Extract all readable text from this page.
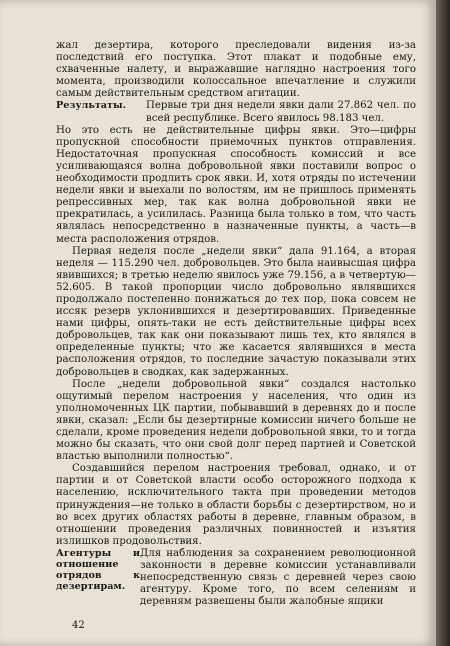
жал дезертира, которого преследовали видения из-за последствий его поступка. Этот плакат и подобные ему, схваченные налету, и выражавшие наглядно настроения того момента, производили колоссальное впечатление и служили самым действительным средством агитации.

Результаты.	Первые три дня недели явки дали 27.862 чел. по всей республике. Всего явилось 98.183 чел.

Но это есть не действительные цифры явки. Это—цифры пропускной способности приемочных пунктов отправления. Недостаточная пропускная способность комиссий и все усиливающаяся волна добровольной явки поставили вопрос о необходимости продлить срок явки. И, хотя отряды по истечении недели явки и выехали по волостям, им не пришлось применять репрессивных мер, так как волна добровольной явки не прекратилась, а усилилась. Разница была только в том, что часть являлась непосредственно в назначенные пункты, а часть—в места расположения отрядов.

Первая неделя после „недели явки“ дала 91.164, а вторая неделя — 115.290 чел. добровольцев. Это была наивысшая цифра явившихся; в третью неделю явилось уже 79.156, а в четвертую—52.605. В такой пропорции число добровольно являвшихся продолжало постепенно понижаться до тех пор, пока совсем не иссяк резерв уклонившихся и дезертировавших. Приведенные нами цифры, опять-таки не есть действительные цифры всех добровольцев, так как они показывают лишь тех, кто являлся в определенные пункты; что же касается являвшихся в места расположения отрядов, то последние зачастую показывали этих добровольцев в сводках, как задержанных.

После „недели добровольной явки“ создался настолько ощутимый перелом настроения у населения, что один из уполномоченных ЦК партии, побывавший в деревнях до и после явки, сказал: „Если бы дезертирные комиссии ничего больше не сделали, кроме проведения недели добровольной явки, то и тогда можно бы сказать, что они свой долг перед партией и Советской властью выполнили полностью“.

Создавшийся перелом настроения требовал, однако, и от партии и от Советской власти особо осторожного подхода к населению, исключительного такта при проведении методов принуждения—не только в области борьбы с дезертирством, но и во всех других областях работы в деревне, главным образом, в отношении проведения различных повинностей и изъятия излишков продовольствия.

Агентуры и отношение отрядов к дезертирам.
Для наблюдения за сохранением революционной законности в деревне комиссии устанавливали непосредственную связь с деревней через свою агентуру. Кроме того, по всем селениям и деревням развешены были жалобные ящики
42
